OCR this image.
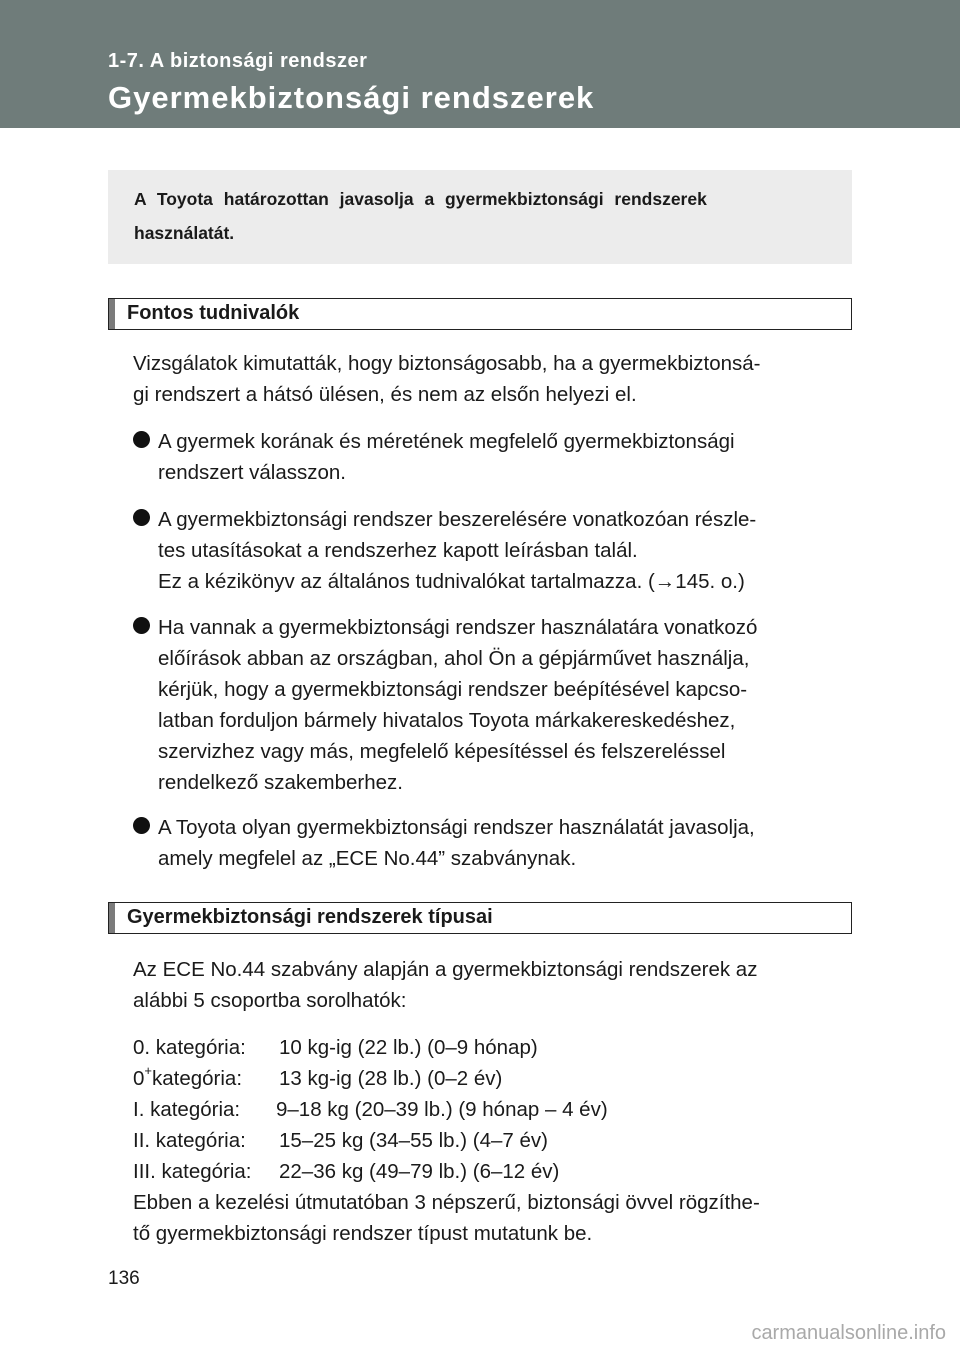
1-7. A biztonsági rendszer
Gyermekbiztonsági rendszerek

A Toyota határozottan javasolja a gyermekbiztonsági rendszerek
használatát.

Fontos tudnivalók

Vizsgálatok kimutatták, hogy biztonságosabb, ha a gyermekbiztonsá-
gi rendszert a hátsó ülésen, és nem az elsőn helyezi el.

A gyermek korának és méretének megfelelő gyermekbiztonsági
rendszert válasszon.

A gyermekbiztonsági rendszer beszerelésére vonatkozóan részle-
tes utasításokat a rendszerhez kapott leírásban talál.
Ez a kézikönyv az általános tudnivalókat tartalmazza. (→145. o.)

Ha vannak a gyermekbiztonsági rendszer használatára vonatkozó
előírások abban az országban, ahol Ön a gépjárművet használja,
kérjük, hogy a gyermekbiztonsági rendszer beépítésével kapcso-
latban forduljon bármely hivatalos Toyota márkakereskedéshez,
szervizhez vagy más, megfelelő képesítéssel és felszereléssel
rendelkező szakemberhez.

A Toyota olyan gyermekbiztonsági rendszer használatát javasolja,
amely megfelel az „ECE No.44” szabványnak.

Gyermekbiztonsági rendszerek típusai

Az ECE No.44 szabvány alapján a gyermekbiztonsági rendszerek az
alábbi 5 csoportba sorolhatók:

0. kategória: 10 kg-ig (22 lb.) (0–9 hónap)
0+kategória: 13 kg-ig (28 lb.) (0–2 év)
I. kategória: 9–18 kg (20–39 lb.) (9 hónap – 4 év)
II. kategória: 15–25 kg (34–55 lb.) (4–7 év)
III. kategória: 22–36 kg (49–79 lb.) (6–12 év)

Ebben a kezelési útmutatóban 3 népszerű, biztonsági övvel rögzíthe-
tő gyermekbiztonsági rendszer típust mutatunk be.

136
carmanualsonline.info
